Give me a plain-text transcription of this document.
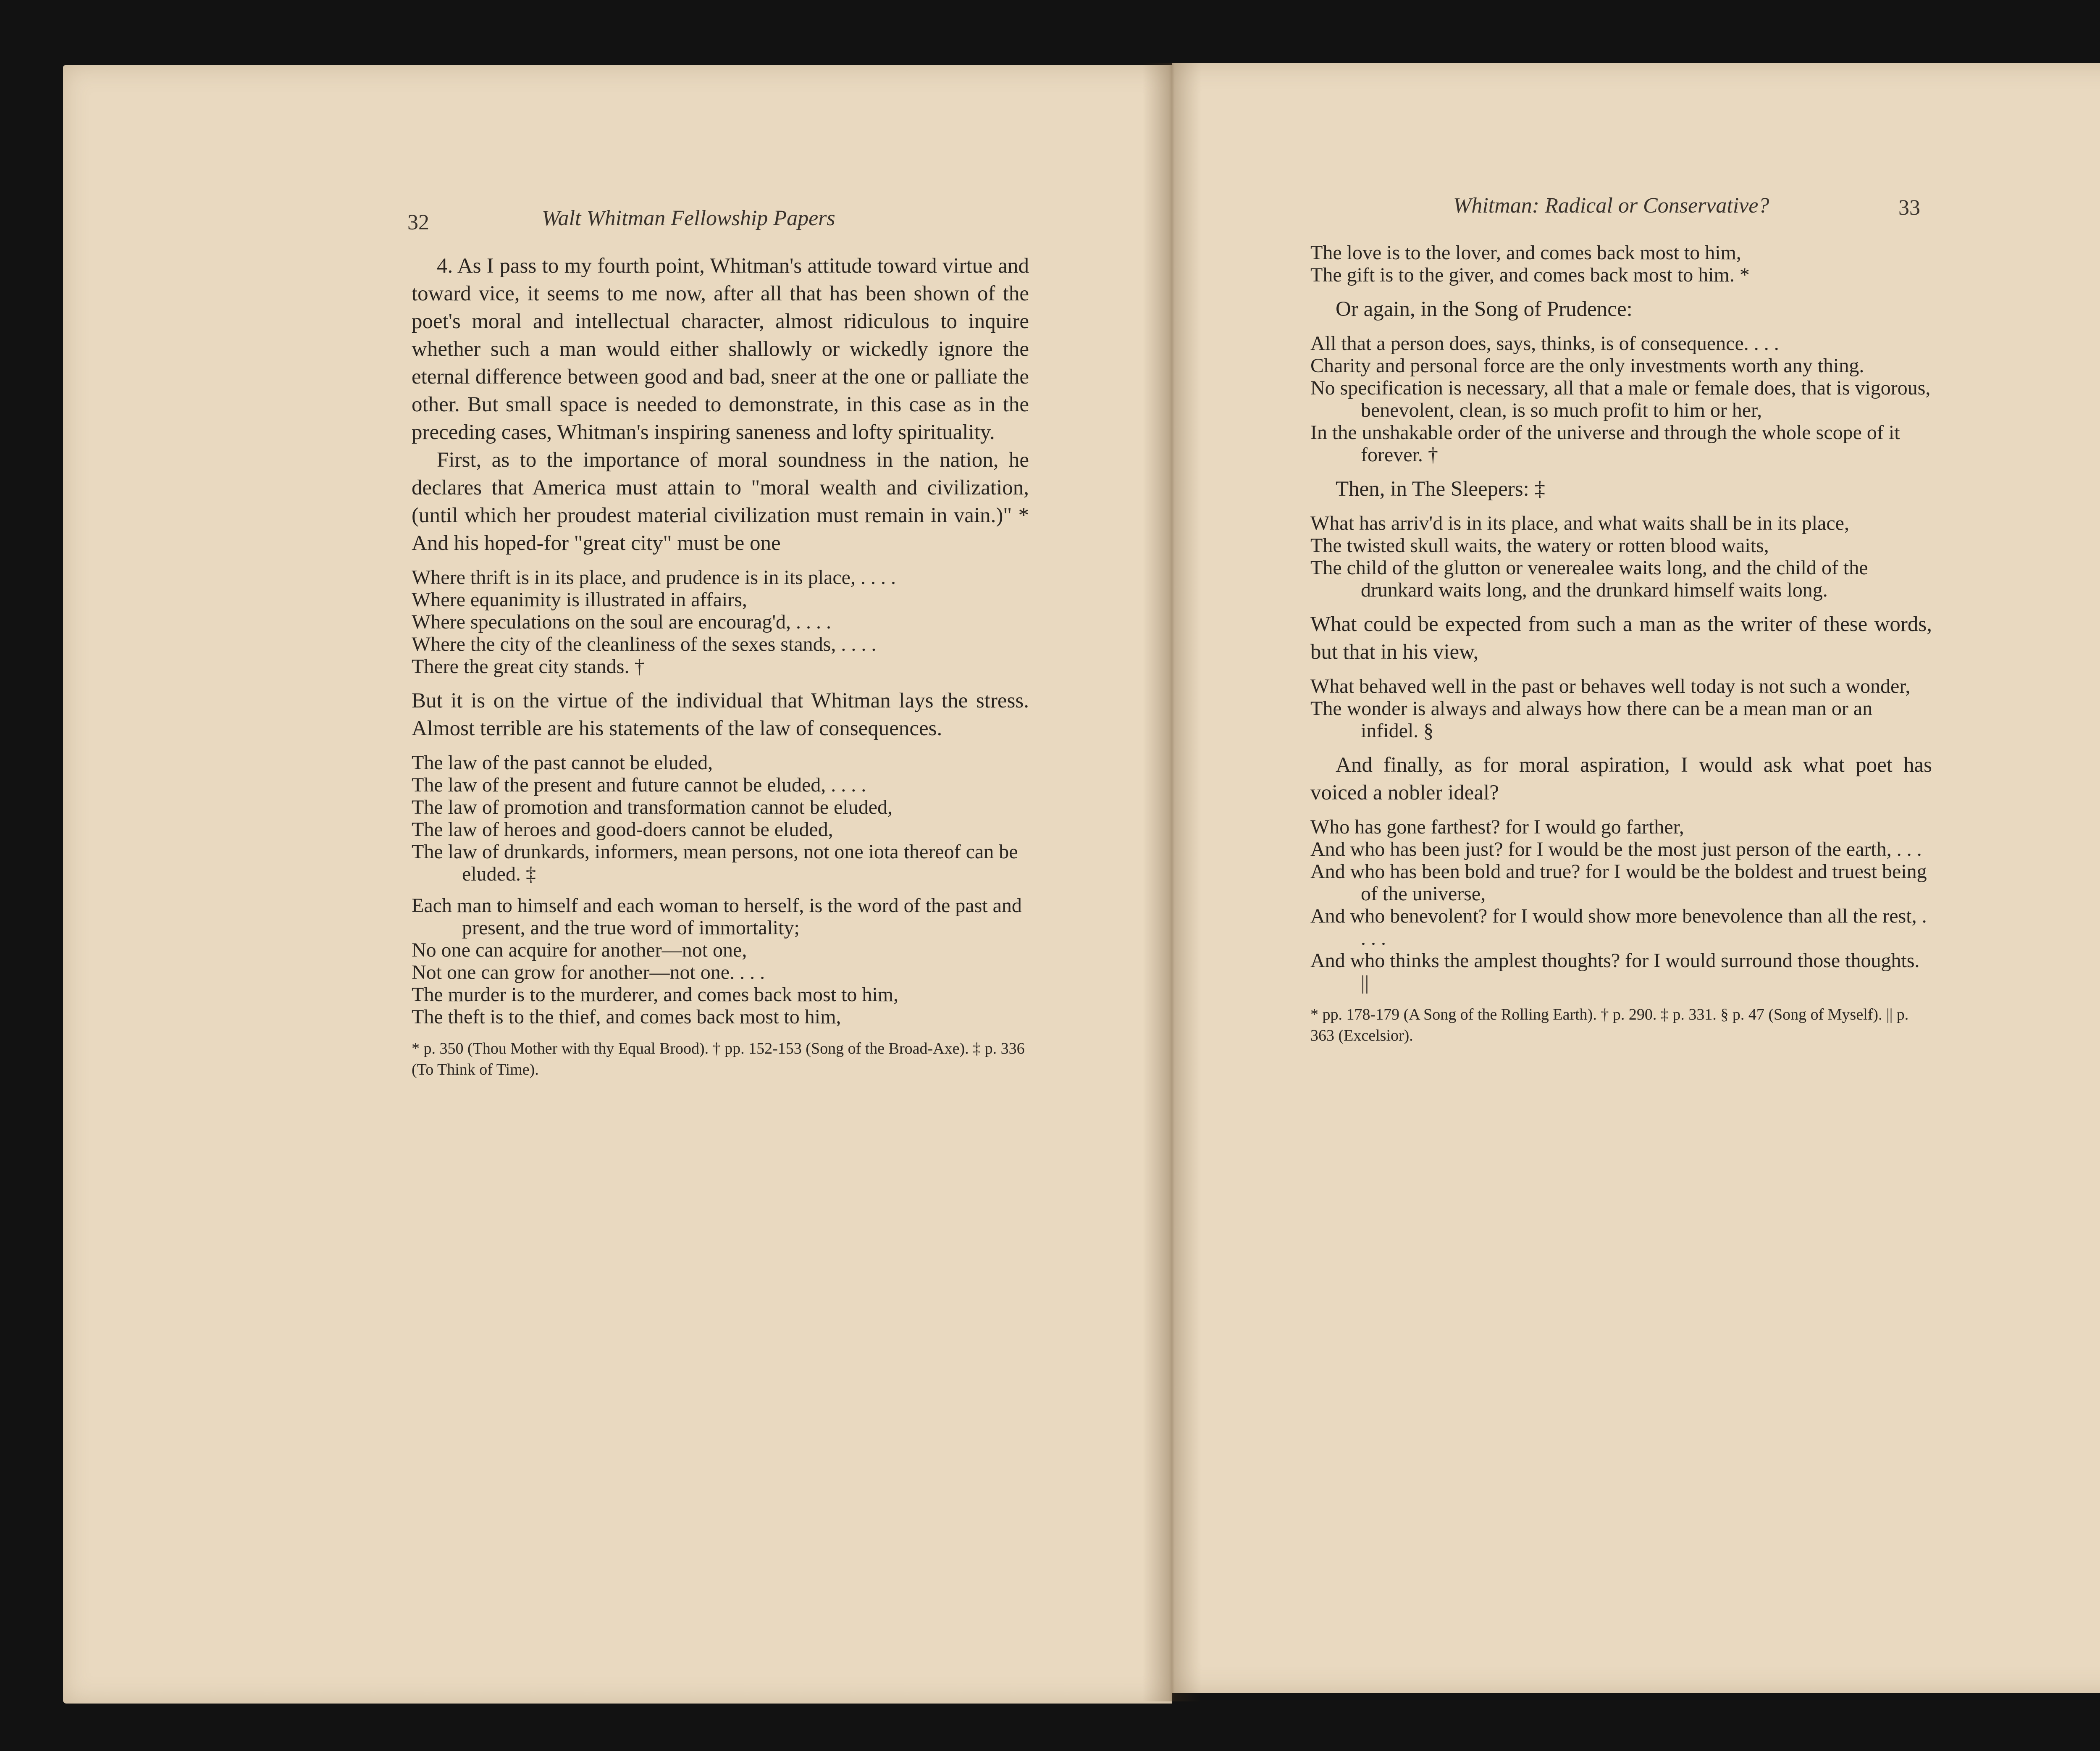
32	Walt Whitman Fellowship Papers
Whitman: Radical or Conservative?	33

4. As I pass to my fourth point, Whitman's attitude toward virtue and toward vice, it seems to me now, after all that has been shown of the poet's moral and intellectual character, almost ridiculous to inquire whether such a man would either shallowly or wickedly ignore the eternal difference between good and bad, sneer at the one or palliate the other. But small space is needed to demonstrate, in this case as in the preceding cases, Whitman's inspiring saneness and lofty spirituality.

First, as to the importance of moral soundness in the nation, he declares that America must attain to "moral wealth and civilization, (until which her proudest material civilization must remain in vain.)" * And his hoped-for "great city" must be one

Where thrift is in its place, and prudence is in its place, . . . .
Where equanimity is illustrated in affairs,
Where speculations on the soul are encourag'd, . . . .
Where the city of the cleanliness of the sexes stands, . . . .
There the great city stands. †

But it is on the virtue of the individual that Whitman lays the stress. Almost terrible are his statements of the law of consequences.

The law of the past cannot be eluded,
The law of the present and future cannot be eluded, . . . .
The law of promotion and transformation cannot be eluded,
The law of heroes and good-doers cannot be eluded,
The law of drunkards, informers, mean persons, not one iota thereof can be eluded. ‡
Each man to himself and each woman to herself, is the word of the past and present, and the true word of immortality;
No one can acquire for another—not one,
Not one can grow for another—not one. . . .
The murder is to the murderer, and comes back most to him,
The theft is to the thief, and comes back most to him,

* p. 350 (Thou Mother with thy Equal Brood). † pp. 152-153 (Song of the Broad-Axe). ‡ p. 336 (To Think of Time).

The love is to the lover, and comes back most to him,
The gift is to the giver, and comes back most to him. *

Or again, in the Song of Prudence:

All that a person does, says, thinks, is of consequence. . . .
Charity and personal force are the only investments worth any thing.
No specification is necessary, all that a male or female does, that is vigorous, benevolent, clean, is so much profit to him or her,
In the unshakable order of the universe and through the whole scope of it forever. †

Then, in The Sleepers: ‡

What has arriv'd is in its place, and what waits shall be in its place,
The twisted skull waits, the watery or rotten blood waits,
The child of the glutton or venerealee waits long, and the child of the drunkard waits long, and the drunkard himself waits long.

What could be expected from such a man as the writer of these words, but that in his view,

What behaved well in the past or behaves well today is not such a wonder,
The wonder is always and always how there can be a mean man or an infidel. §

And finally, as for moral aspiration, I would ask what poet has voiced a nobler ideal?

Who has gone farthest? for I would go farther,
And who has been just? for I would be the most just person of the earth, . . .
And who has been bold and true? for I would be the boldest and truest being of the universe,
And who benevolent? for I would show more benevolence than all the rest, . . . .
And who thinks the amplest thoughts? for I would surround those thoughts. ||

* pp. 178-179 (A Song of the Rolling Earth). † p. 290. ‡ p. 331. § p. 47 (Song of Myself). || p. 363 (Excelsior).
